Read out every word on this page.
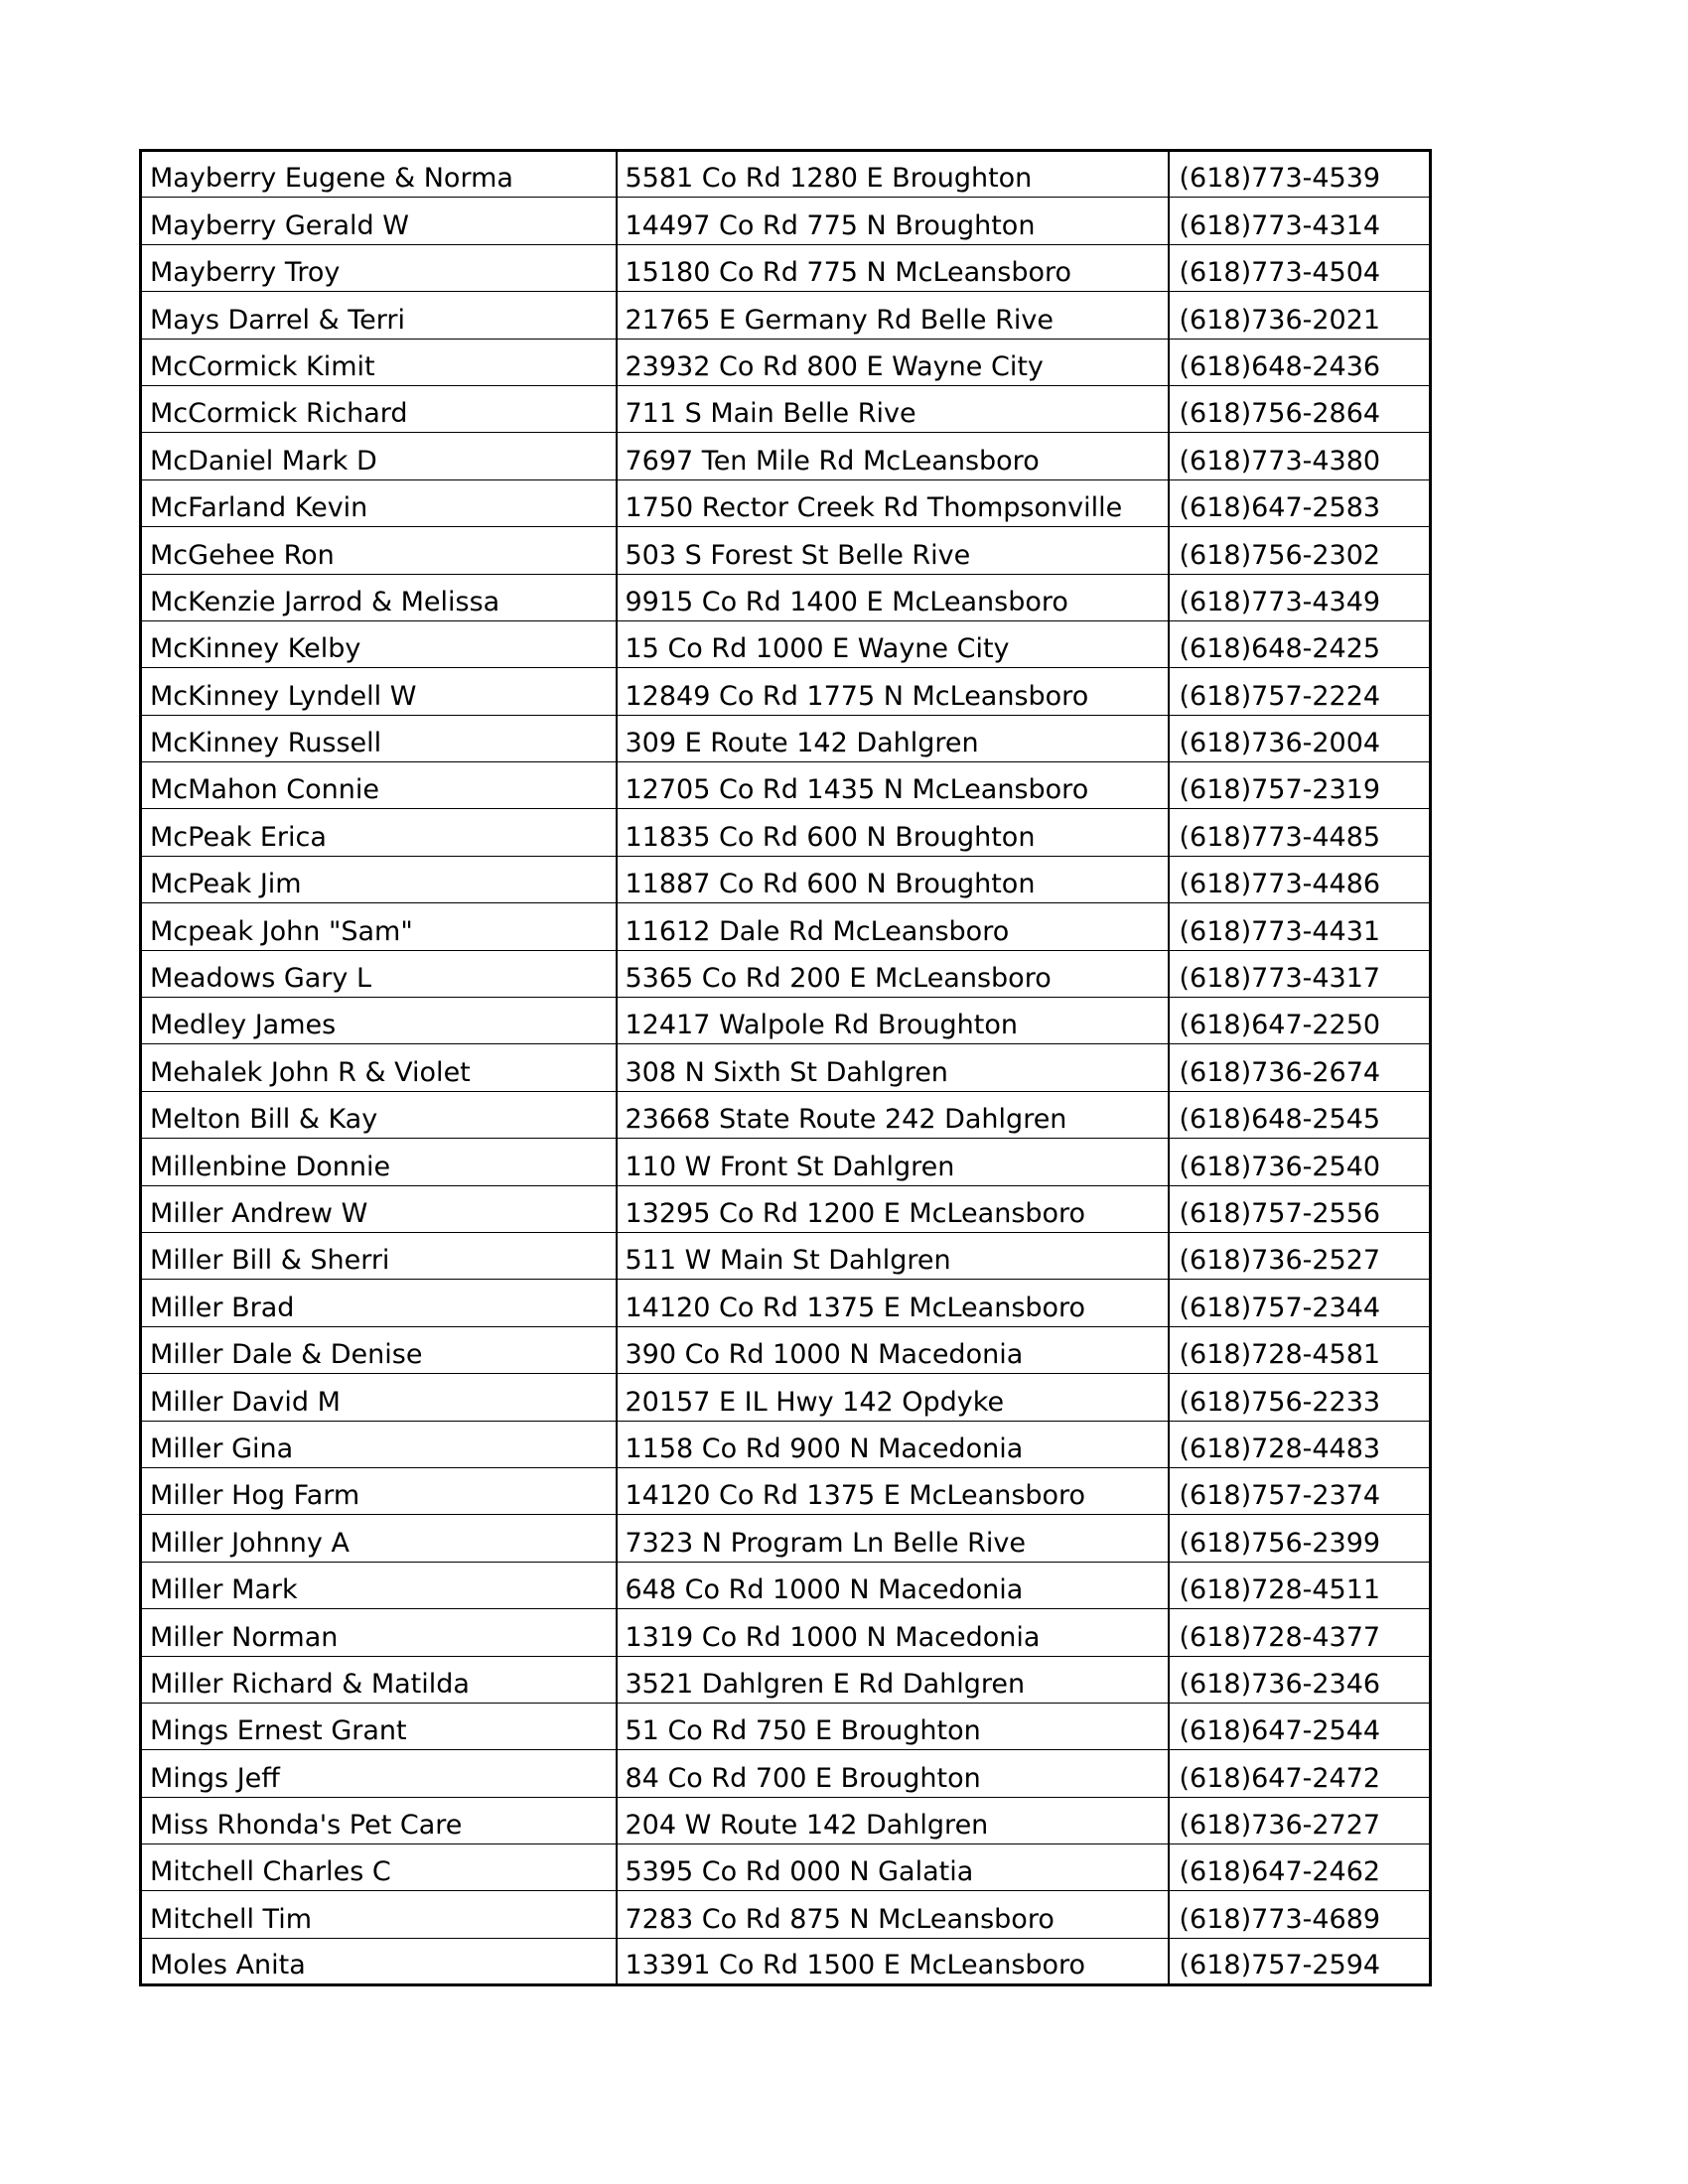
Mayberry Eugene & Norma	5581 Co Rd 1280 E Broughton	(618)773-4539
Mayberry Gerald W	14497 Co Rd 775 N Broughton	(618)773-4314
Mayberry Troy	15180 Co Rd 775 N McLeansboro	(618)773-4504
Mays Darrel & Terri	21765 E Germany Rd Belle Rive	(618)736-2021
McCormick Kimit	23932 Co Rd 800 E Wayne City	(618)648-2436
McCormick Richard	711 S Main Belle Rive	(618)756-2864
McDaniel Mark D	7697 Ten Mile Rd McLeansboro	(618)773-4380
McFarland Kevin	1750 Rector Creek Rd Thompsonville	(618)647-2583
McGehee Ron	503 S Forest St Belle Rive	(618)756-2302
McKenzie Jarrod & Melissa	9915 Co Rd 1400 E McLeansboro	(618)773-4349
McKinney Kelby	15 Co Rd 1000 E Wayne City	(618)648-2425
McKinney Lyndell W	12849 Co Rd 1775 N McLeansboro	(618)757-2224
McKinney Russell	309 E Route 142 Dahlgren	(618)736-2004
McMahon Connie	12705 Co Rd 1435 N McLeansboro	(618)757-2319
McPeak Erica	11835 Co Rd 600 N Broughton	(618)773-4485
McPeak Jim	11887 Co Rd 600 N Broughton	(618)773-4486
Mcpeak John "Sam"	11612 Dale Rd McLeansboro	(618)773-4431
Meadows Gary L	5365 Co Rd 200 E McLeansboro	(618)773-4317
Medley James	12417 Walpole Rd Broughton	(618)647-2250
Mehalek John R & Violet	308 N Sixth St Dahlgren	(618)736-2674
Melton Bill & Kay	23668 State Route 242 Dahlgren	(618)648-2545
Millenbine Donnie	110 W Front St Dahlgren	(618)736-2540
Miller Andrew W	13295 Co Rd 1200 E McLeansboro	(618)757-2556
Miller Bill & Sherri	511 W Main St Dahlgren	(618)736-2527
Miller Brad	14120 Co Rd 1375 E McLeansboro	(618)757-2344
Miller Dale & Denise	390 Co Rd 1000 N Macedonia	(618)728-4581
Miller David M	20157 E IL Hwy 142 Opdyke	(618)756-2233
Miller Gina	1158 Co Rd 900 N Macedonia	(618)728-4483
Miller Hog Farm	14120 Co Rd 1375 E McLeansboro	(618)757-2374
Miller Johnny A	7323 N Program Ln Belle Rive	(618)756-2399
Miller Mark	648 Co Rd 1000 N Macedonia	(618)728-4511
Miller Norman	1319 Co Rd 1000 N Macedonia	(618)728-4377
Miller Richard & Matilda	3521 Dahlgren E Rd Dahlgren	(618)736-2346
Mings Ernest Grant	51 Co Rd 750 E Broughton	(618)647-2544
Mings Jeff	84 Co Rd 700 E Broughton	(618)647-2472
Miss Rhonda's Pet Care	204 W Route 142 Dahlgren	(618)736-2727
Mitchell Charles C	5395 Co Rd 000 N Galatia	(618)647-2462
Mitchell Tim	7283 Co Rd 875 N McLeansboro	(618)773-4689
Moles Anita	13391 Co Rd 1500 E McLeansboro	(618)757-2594
